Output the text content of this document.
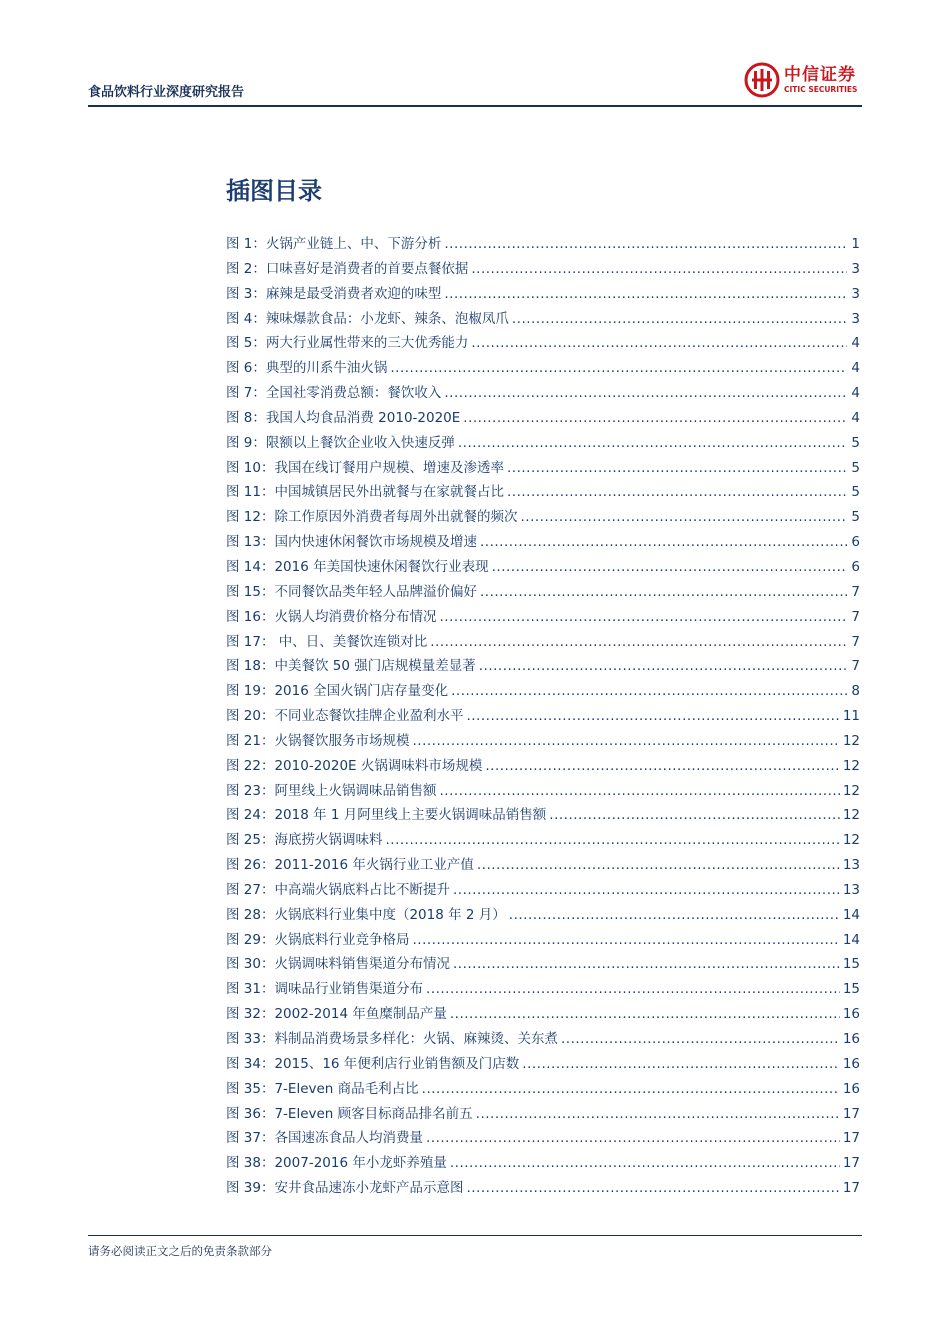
食品饮料行业深度研究报告
中信证券
CITIC SECURITIES
插图目录
图 1：火锅产业链上、中、下游分析 .....	1
图 2：口味喜好是消费者的首要点餐依据 .....	3
图 3：麻辣是最受消费者欢迎的味型 .....	3
图 4：辣味爆款食品：小龙虾、辣条、泡椒凤爪 .....	3
图 5：两大行业属性带来的三大优秀能力 .....	4
图 6：典型的川系牛油火锅 .....	4
图 7：全国社零消费总额：餐饮收入 .....	4
图 8：我国人均食品消费 2010-2020E .....	4
图 9：限额以上餐饮企业收入快速反弹 .....	5
图 10：我国在线订餐用户规模、增速及渗透率 .....	5
图 11：中国城镇居民外出就餐与在家就餐占比 .....	5
图 12：除工作原因外消费者每周外出就餐的频次 .....	5
图 13：国内快速休闲餐饮市场规模及增速 .....	6
图 14：2016 年美国快速休闲餐饮行业表现 .....	6
图 15：不同餐饮品类年轻人品牌溢价偏好 .....	7
图 16：火锅人均消费价格分布情况 .....	7
图 17： 中、日、美餐饮连锁对比 .....	7
图 18：中美餐饮 50 强门店规模量差显著 .....	7
图 19：2016 全国火锅门店存量变化 .....	8
图 20：不同业态餐饮挂牌企业盈利水平 .....	11
图 21：火锅餐饮服务市场规模 .....	12
图 22：2010-2020E 火锅调味料市场规模 .....	12
图 23：阿里线上火锅调味品销售额 .....	12
图 24：2018 年 1 月阿里线上主要火锅调味品销售额 .....	12
图 25：海底捞火锅调味料 .....	12
图 26：2011-2016 年火锅行业工业产值 .....	13
图 27：中高端火锅底料占比不断提升 .....	13
图 28：火锅底料行业集中度（2018 年 2 月） .....	14
图 29：火锅底料行业竞争格局 .....	14
图 30：火锅调味料销售渠道分布情况 .....	15
图 31：调味品行业销售渠道分布 .....	15
图 32：2002-2014 年鱼糜制品产量 .....	16
图 33：料制品消费场景多样化：火锅、麻辣烫、关东煮 .....	16
图 34：2015、16 年便利店行业销售额及门店数 .....	16
图 35：7-Eleven 商品毛利占比 .....	16
图 36：7-Eleven 顾客目标商品排名前五 .....	17
图 37：各国速冻食品人均消费量 .....	17
图 38：2007-2016 年小龙虾养殖量 .....	17
图 39：安井食品速冻小龙虾产品示意图 .....	17
请务必阅读正文之后的免责条款部分
